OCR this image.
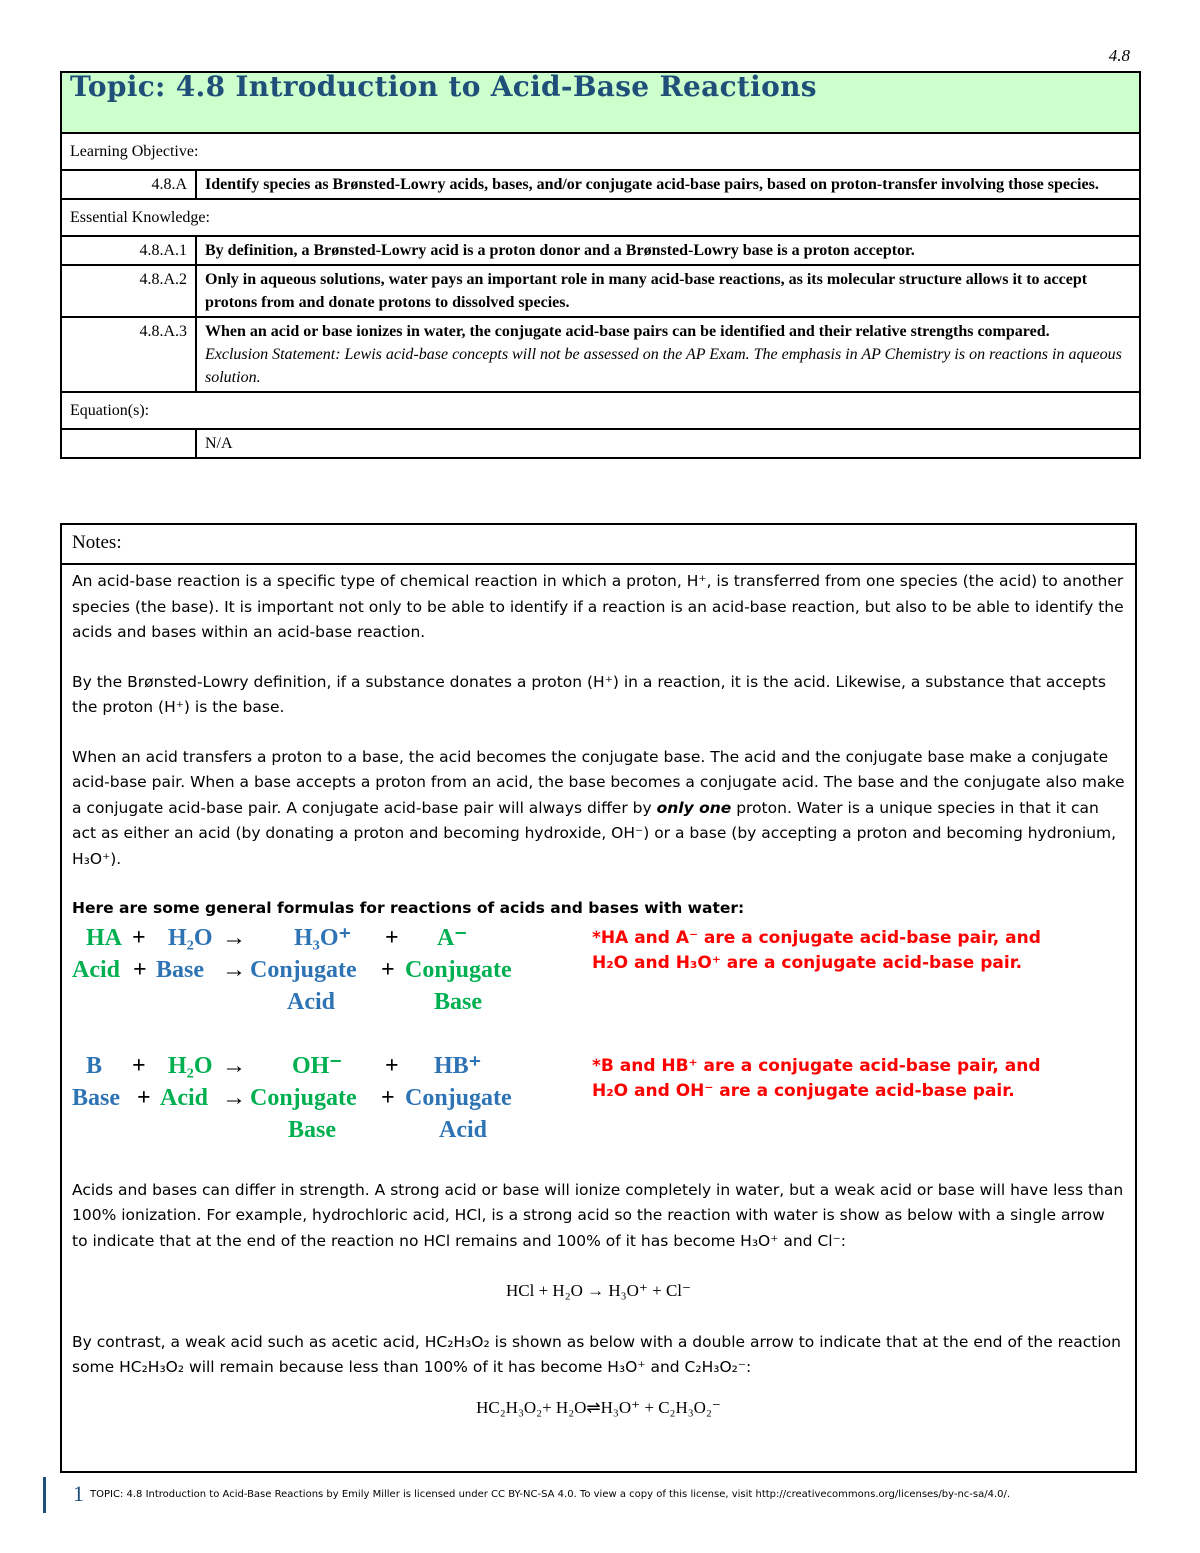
4.8
Topic: 4.8 Introduction to Acid-Base Reactions	
Learning Objective:	
4.8.A	Identify species as Brønsted-Lowry acids, bases, and/or conjugate acid-base pairs, based on proton-transfer involving those species.
Essential Knowledge:	
4.8.A.1	By definition, a Brønsted-Lowry acid is a proton donor and a Brønsted-Lowry base is a proton acceptor.
4.8.A.2	Only in aqueous solutions, water pays an important role in many acid-base reactions, as its molecular structure allows it to accept protons from and donate protons to dissolved species.
4.8.A.3	When an acid or base ionizes in water, the conjugate acid-base pairs can be identified and their relative strengths compared.
Exclusion Statement: Lewis acid-base concepts will not be assessed on the AP Exam. The emphasis in AP Chemistry is on reactions in aqueous solution.

Equation(s):	
	N/A
Notes:

An acid-base reaction is a specific type of chemical reaction in which a proton, H⁺, is transferred from one species (the acid) to another species (the base). It is important not only to be able to identify if a reaction is an acid-base reaction, but also to be able to identify the acids and bases within an acid-base reaction.

By the Brønsted-Lowry definition, if a substance donates a proton (H⁺) in a reaction, it is the acid. Likewise, a substance that accepts the proton (H⁺) is the base.

When an acid transfers a proton to a base, the acid becomes the conjugate base. The acid and the conjugate base make a conjugate acid-base pair. When a base accepts a proton from an acid, the base becomes a conjugate acid. The base and the conjugate also make a conjugate acid-base pair. A conjugate acid-base pair will always differ by only one proton. Water is a unique species in that it can act as either an acid (by donating a proton and becoming hydroxide, OH⁻) or a base (by accepting a proton and becoming hydronium, H₃O⁺).

Here are some general formulas for reactions of acids and bases with water:
HA + H₂O → H₃O⁺ + A⁻
Acid + Base → Conjugate + Conjugate
Acid	Base
*HA and A⁻ are a conjugate acid-base pair, and H₂O and H₃O⁺ are a conjugate acid-base pair.
B + H₂O → OH⁻ + HB⁺
Base + Acid → Conjugate + Conjugate
Base	Acid
*B and HB⁺ are a conjugate acid-base pair, and H₂O and OH⁻ are a conjugate acid-base pair.

Acids and bases can differ in strength. A strong acid or base will ionize completely in water, but a weak acid or base will have less than 100% ionization. For example, hydrochloric acid, HCl, is a strong acid so the reaction with water is show as below with a single arrow to indicate that at the end of the reaction no HCl remains and 100% of it has become H₃O⁺ and Cl⁻:

HCl + H₂O → H₃O⁺ + Cl⁻

By contrast, a weak acid such as acetic acid, HC₂H₃O₂ is shown as below with a double arrow to indicate that at the end of the reaction some HC₂H₃O₂ will remain because less than 100% of it has become H₃O⁺ and C₂H₃O₂⁻:

HC₂H₃O₂+ H₂O⇌H₃O⁺ + C₂H₃O₂⁻
1 TOPIC: 4.8 Introduction to Acid-Base Reactions by Emily Miller is licensed under CC BY-NC-SA 4.0. To view a copy of this license, visit http://creativecommons.org/licenses/by-nc-sa/4.0/.
